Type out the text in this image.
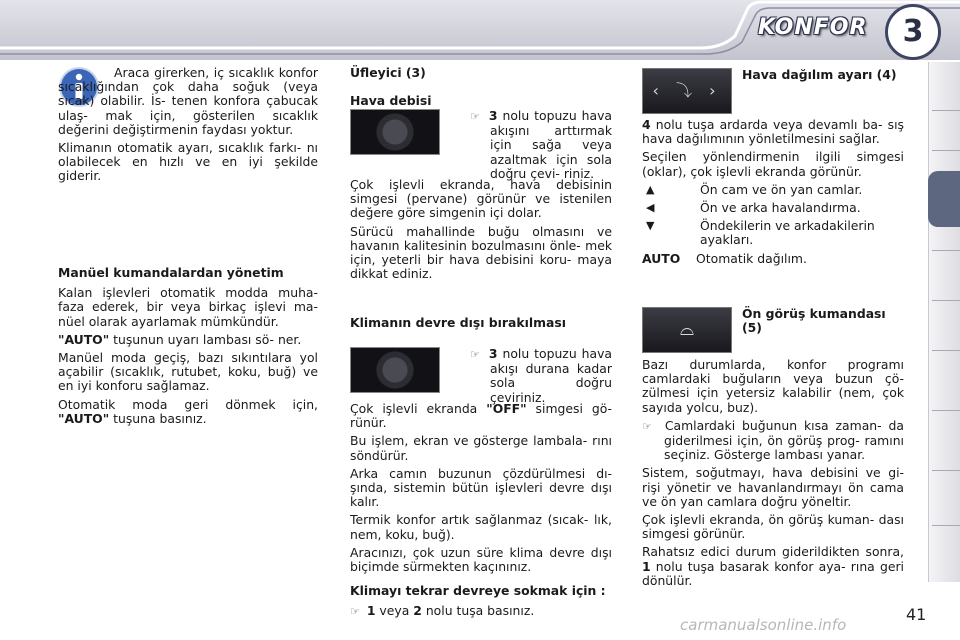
KONFOR	3

Araca girerken, iç sıcaklık konfor sıcaklığından çok daha soğuk (veya sıcak) olabilir. İs- tenen konfora çabucak ulaş- mak için, gösterilen sıcaklık değerini değiştirmenin faydası yoktur.

Klimanın otomatik ayarı, sıcaklık farkı- nı olabilecek en hızlı ve en iyi şekilde giderir.

Manüel kumandalardan yönetim

Kalan işlevleri otomatik modda muha- faza ederek, bir veya birkaç işlevi ma- nüel olarak ayarlamak mümkündür.

"AUTO" tuşunun uyarı lambası sö- ner.

Manüel moda geçiş, bazı sıkıntılara yol açabilir (sıcaklık, rutubet, koku, buğ) ve en iyi konforu sağlamaz.

Otomatik moda geri dönmek için, "AUTO" tuşuna basınız.

Üfleyici (3)
Hava debisi

☞  3 nolu topuzu hava akışını arttırmak için sağa veya azaltmak için sola doğru çevi- riniz.

Çok işlevli ekranda, hava debisinin simgesi (pervane) görünür ve istenilen değere göre simgenin içi dolar.

Sürücü mahallinde buğu olmasını ve havanın kalitesinin bozulmasını önle- mek için, yeterli bir hava debisini koru- maya dikkat ediniz.

Klimanın devre dışı bırakılması

☞  3 nolu topuzu hava akışı durana kadar sola doğru çeviriniz.

Çok işlevli ekranda "OFF" simgesi gö- rünür.

Bu işlem, ekran ve gösterge lambala- rını söndürür.

Arka camın buzunun çözdürülmesi dı- şında, sistemin bütün işlevleri devre dışı kalır.

Termik konfor artık sağlanmaz (sıcak- lık, nem, koku, buğ).

Aracınızı, çok uzun süre klima devre dışı biçimde sürmekten kaçınınız.

Klimayı tekrar devreye sokmak için :

☞  1 veya 2 nolu tuşa basınız.

‹ ⤵ ›
Hava dağılım ayarı (4)

4 nolu tuşa ardarda veya devamlı ba- sış hava dağılımının yönletilmesini sağlar.

Seçilen yönlendirmenin ilgili simgesi (oklar), çok işlevli ekranda görünür.

▲	Ön cam ve ön yan camlar.
◀	Ön ve arka havalandırma.
▼	Öndekilerin ve arkadakilerin ayakları.
AUTO	Otomatik dağılım.
⌓
Ön görüş kumandası (5)

Bazı durumlarda, konfor programı camlardaki buğuların veya buzun çö- zülmesi için yetersiz kalabilir (nem, çok sayıda yolcu, buz).

☞  Camlardaki buğunun kısa zaman- da giderilmesi için, ön görüş prog- ramını seçiniz. Gösterge lambası yanar.

Sistem, soğutmayı, hava debisini ve gi- rişi yönetir ve havanlandırmayı ön cama ve ön yan camlara doğru yöneltir.

Çok işlevli ekranda, ön görüş kuman- dası simgesi görünür.

Rahatsız edici durum giderildikten sonra, 1 nolu tuşa basarak konfor aya- rına geri dönülür.

41
carmanualsonline.info
